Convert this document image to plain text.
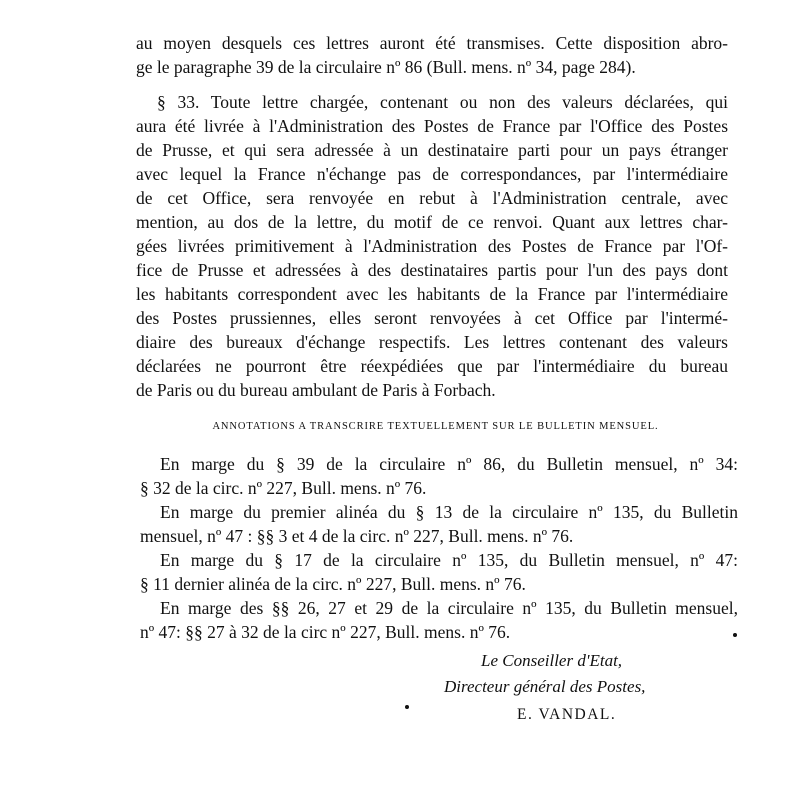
au moyen desquels ces lettres auront été transmises. Cette disposition abro-
ge le paragraphe 39 de la circulaire nº 86 (Bull. mens. nº 34, page 284).
§ 33. Toute lettre chargée, contenant ou non des valeurs déclarées, qui
aura été livrée à l'Administration des Postes de France par l'Office des Postes
de Prusse, et qui sera adressée à un destinataire parti pour un pays étranger
avec lequel la France n'échange pas de correspondances, par l'intermédiaire
de cet Office, sera renvoyée en rebut à l'Administration centrale, avec
mention, au dos de la lettre, du motif de ce renvoi. Quant aux lettres char-
gées livrées primitivement à l'Administration des Postes de France par l'Of-
fice de Prusse et adressées à des destinataires partis pour l'un des pays dont
les habitants correspondent avec les habitants de la France par l'intermédiaire
des Postes prussiennes, elles seront renvoyées à cet Office par l'intermé-
diaire des bureaux d'échange respectifs. Les lettres contenant des valeurs
déclarées ne pourront être réexpédiées que par l'intermédiaire du bureau
de Paris ou du bureau ambulant de Paris à Forbach.
ANNOTATIONS A TRANSCRIRE TEXTUELLEMENT SUR LE BULLETIN MENSUEL.
En marge du § 39 de la circulaire nº 86, du Bulletin mensuel, nº 34:
§ 32 de la circ. nº 227, Bull. mens. nº 76.
En marge du premier alinéa du § 13 de la circulaire nº 135, du Bulletin
mensuel, nº 47 : §§ 3 et 4 de la circ. nº 227, Bull. mens. nº 76.
En marge du § 17 de la circulaire nº 135, du Bulletin mensuel, nº 47:
§ 11 dernier alinéa de la circ. nº 227, Bull. mens. nº 76.
En marge des §§ 26, 27 et 29 de la circulaire nº 135, du Bulletin mensuel,
nº 47: §§ 27 à 32 de la circ nº 227, Bull. mens. nº 76.
Le Conseiller d'Etat,
Directeur général des Postes,
E. VANDAL.
